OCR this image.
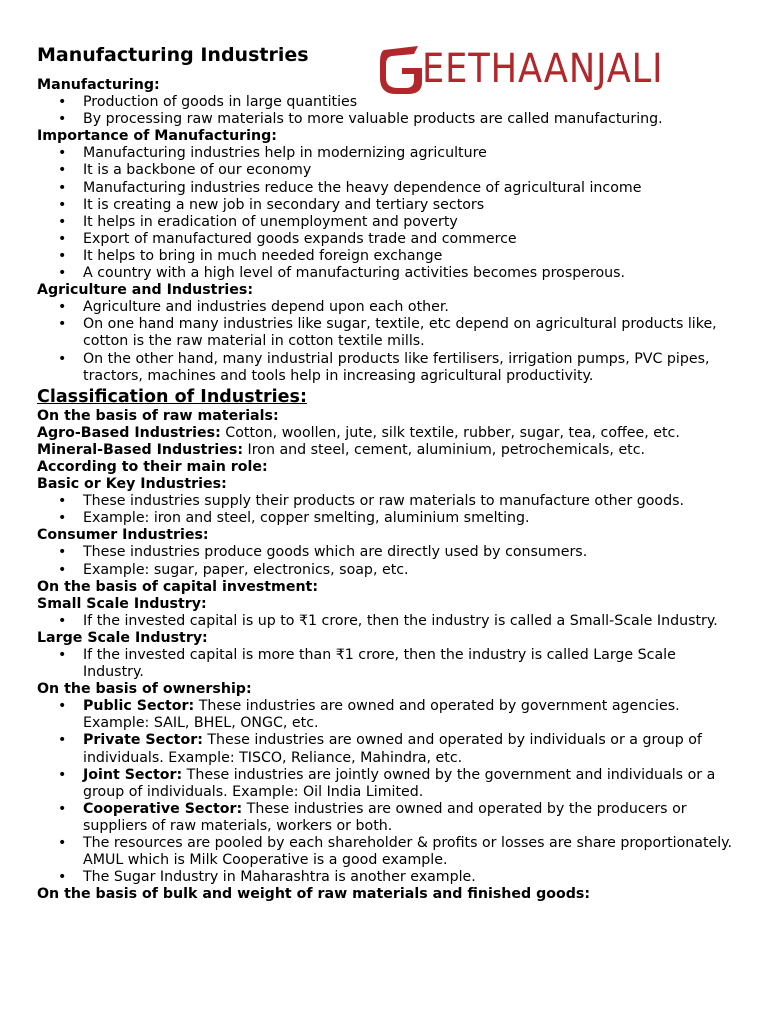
EETHAANJALI
Manufacturing Industries

Manufacturing:

• Production of goods in large quantities
• By processing raw materials to more valuable products are called manufacturing.

Importance of Manufacturing:

• Manufacturing industries help in modernizing agriculture
• It is a backbone of our economy
• Manufacturing industries reduce the heavy dependence of agricultural income
• It is creating a new job in secondary and tertiary sectors
• It helps in eradication of unemployment and poverty
• Export of manufactured goods expands trade and commerce
• It helps to bring in much needed foreign exchange
• A country with a high level of manufacturing activities becomes prosperous.

Agriculture and Industries:

• Agriculture and industries depend upon each other.
• On one hand many industries like sugar, textile, etc depend on agricultural products like, cotton is the raw material in cotton textile mills.
• On the other hand, many industrial products like fertilisers, irrigation pumps, PVC pipes, tractors, machines and tools help in increasing agricultural productivity.

Classification of Industries:

On the basis of raw materials:

Agro-Based Industries: Cotton, woollen, jute, silk textile, rubber, sugar, tea, coffee, etc.

Mineral-Based Industries: Iron and steel, cement, aluminium, petrochemicals, etc.

According to their main role:

Basic or Key Industries:

• These industries supply their products or raw materials to manufacture other goods.
• Example: iron and steel, copper smelting, aluminium smelting.

Consumer Industries:

• These industries produce goods which are directly used by consumers.
• Example: sugar, paper, electronics, soap, etc.

On the basis of capital investment:

Small Scale Industry:

• If the invested capital is up to ₹1 crore, then the industry is called a Small-Scale Industry.

Large Scale Industry:

• If the invested capital is more than ₹1 crore, then the industry is called Large Scale Industry.

On the basis of ownership:

• Public Sector: These industries are owned and operated by government agencies. Example: SAIL, BHEL, ONGC, etc.
• Private Sector: These industries are owned and operated by individuals or a group of individuals. Example: TISCO, Reliance, Mahindra, etc.
• Joint Sector: These industries are jointly owned by the government and individuals or a group of individuals. Example: Oil India Limited.
• Cooperative Sector: These industries are owned and operated by the producers or suppliers of raw materials, workers or both.
• The resources are pooled by each shareholder & profits or losses are share proportionately. AMUL which is Milk Cooperative is a good example.
• The Sugar Industry in Maharashtra is another example.

On the basis of bulk and weight of raw materials and finished goods:
